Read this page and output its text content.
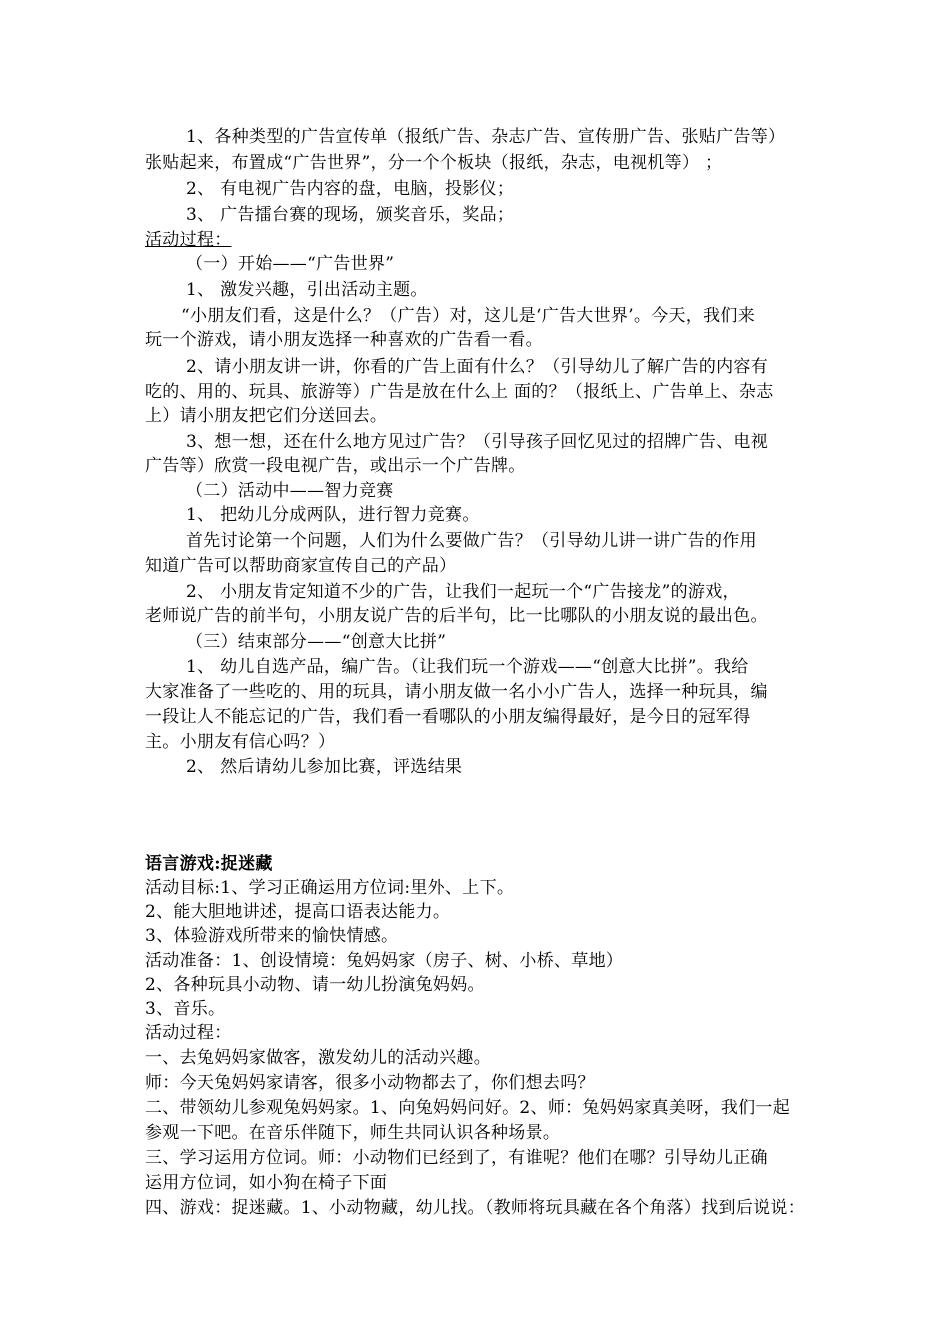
1、各种类型的广告宣传单（报纸广告、杂志广告、宣传册广告、张贴广告等）
张贴起来，布置成“广告世界”，分一个个板块（报纸，杂志，电视机等） ；
2、 有电视广告内容的盘，电脑，投影仪；
3、 广告擂台赛的现场，颁奖音乐，奖品；
活动过程：
（一）开始——“广告世界”
1、 激发兴趣，引出活动主题。
“小朋友们看，这是什么？（广告）对，这儿是‘广告大世界’。今天，我们来
玩一个游戏，请小朋友选择一种喜欢的广告看一看。
2、请小朋友讲一讲，你看的广告上面有什么？（引导幼儿了解广告的内容有
吃的、用的、玩具、旅游等）广告是放在什么上 面的？（报纸上、广告单上、杂志
上）请小朋友把它们分送回去。
3、想一想，还在什么地方见过广告？（引导孩子回忆见过的招牌广告、电视
广告等）欣赏一段电视广告，或出示一个广告牌。
（二）活动中——智力竞赛
1、 把幼儿分成两队，进行智力竞赛。
首先讨论第一个问题，人们为什么要做广告？（引导幼儿讲一讲广告的作用
知道广告可以帮助商家宣传自己的产品）
2、 小朋友肯定知道不少的广告，让我们一起玩一个“广告接龙”的游戏，
老师说广告的前半句，小朋友说广告的后半句，比一比哪队的小朋友说的最出色。
（三）结束部分——“创意大比拼”
1、 幼儿自选产品，编广告。（让我们玩一个游戏——“创意大比拼”。我给
大家准备了一些吃的、用的玩具，请小朋友做一名小小广告人，选择一种玩具，编
一段让人不能忘记的广告，我们看一看哪队的小朋友编得最好，是今日的冠军得
主。小朋友有信心吗？）
2、 然后请幼儿参加比赛，评选结果
语言游戏:捉迷藏
活动目标:1、学习正确运用方位词:里外、上下。
2、能大胆地讲述，提高口语表达能力。
3、体验游戏所带来的愉快情感。
活动准备：1、创设情境：兔妈妈家（房子、树、小桥、草地）
2、各种玩具小动物、请一幼儿扮演兔妈妈。
3、音乐。
活动过程：
一、去兔妈妈家做客，激发幼儿的活动兴趣。
师：今天兔妈妈家请客，很多小动物都去了，你们想去吗？
二、带领幼儿参观兔妈妈家。1、向兔妈妈问好。2、师：兔妈妈家真美呀，我们一起
参观一下吧。在音乐伴随下，师生共同认识各种场景。
三、学习运用方位词。师：小动物们已经到了，有谁呢？他们在哪？引导幼儿正确
运用方位词，如小狗在椅子下面
四、游戏：捉迷藏。1、小动物藏，幼儿找。（教师将玩具藏在各个角落）找到后说说：
